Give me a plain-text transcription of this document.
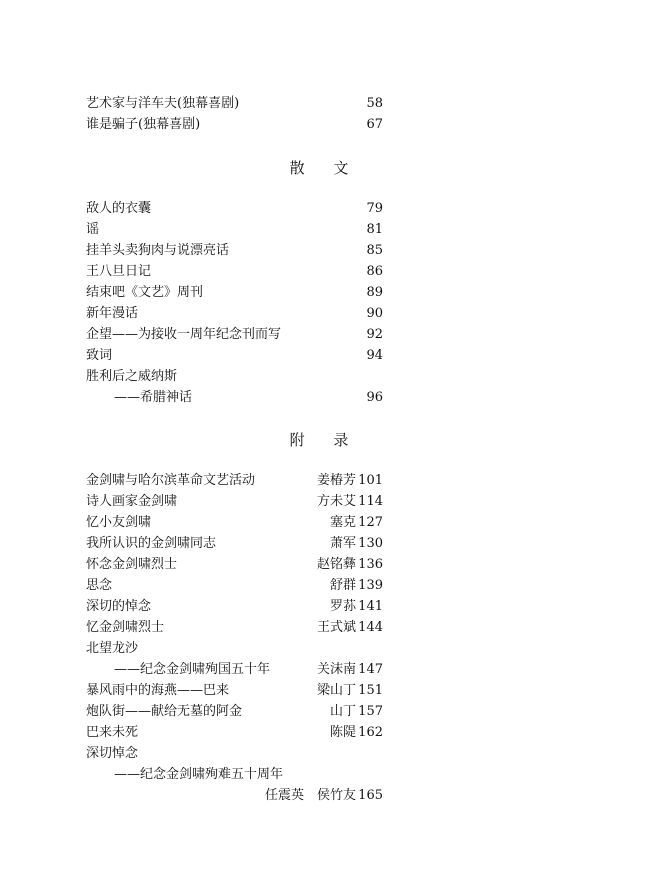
艺术家与洋车夫(独幕喜剧)	58
谁是骗子(独幕喜剧)	67
散 文
敌人的衣囊	79
谣	81
挂羊头卖狗肉与说漂亮话	85
王八旦日记	86
结束吧《文艺》周刊	89
新年漫话	90
企望——为接收一周年纪念刊而写	92
致词	94
胜利后之威纳斯
——希腊神话	96
附 录
金剑啸与哈尔滨革命文艺活动	姜椿芳 101
诗人画家金剑啸	方未艾 114
忆小友剑啸	塞克 127
我所认识的金剑啸同志	萧军 130
怀念金剑啸烈士	赵铭彝 136
思念	舒群 139
深切的悼念	罗荪 141
忆金剑啸烈士	王式斌 144
北望龙沙
——纪念金剑啸殉国五十年	关沫南 147
暴风雨中的海燕——巴来	梁山丁 151
炮队街——献给无墓的阿金	山丁 157
巴来未死	陈隄 162
深切悼念
——纪念金剑啸殉难五十周年
任震英　侯竹友 165
